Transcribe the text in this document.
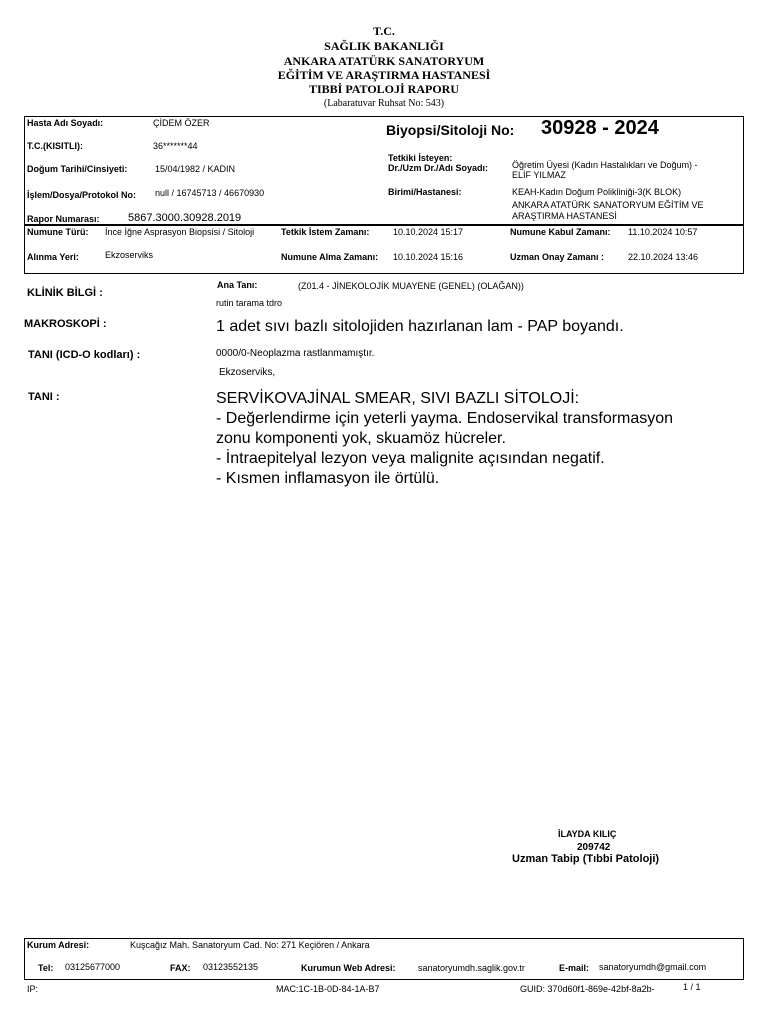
T.C.
SAĞLIK BAKANLIĞI
ANKARA ATATÜRK SANATORYUM
EĞİTİM VE ARAŞTIRMA HASTANESİ
TIBBİ PATOLOJİ RAPORU
(Labaratuvar Ruhsat No: 543)
Hasta Adı Soyadı:	ÇİDEM ÖZER
T.C.(KISITLI):	36*******44
Doğum Tarihi/Cinsiyeti:	15/04/1982 / KADIN
İşlem/Dosya/Protokol No: null / 16745713 / 46670930
Rapor Numarası:	5867.3000.30928.2019
Biyopsi/Sitoloji No: 30928 - 2024
Tetkiki İsteyen:
Dr./Uzm Dr./Adı Soyadı:	Öğretim Üyesi (Kadın Hastalıkları ve Doğum) -
ELİF YILMAZ
Birimi/Hastanesi:	KEAH-Kadın Doğum Polikliniği-3(K BLOK)
ANKARA ATATÜRK SANATORYUM EĞİTİM VE
ARAŞTIRMA HASTANESİ
Numune Türü: İnce İğne Asprasyon Biopsisi / Sitoloji	Tetkik İstem Zamanı:	10.10.2024 15:17	Numune Kabul Zamanı: 11.10.2024 10:57
Alınma Yeri:	Ekzoserviks	Numune Alma Zamanı: 10.10.2024 15:16	Uzman Onay Zamanı :	22.10.2024 13:46
KLİNİK BİLGİ :
Ana Tanı:	(Z01.4 - JİNEKOLOJİK MUAYENE (GENEL) (OLAĞAN))
rutin tarama tdro
MAKROSKOPİ :	1 adet sıvı bazlı sitolojiden hazırlanan lam - PAP boyandı.
TANI (ICD-O kodları) :	0000/0-Neoplazma rastlanmamıştır.
Ekzoserviks,
TANI :	SERVİKOVAJİNAL SMEAR, SIVI BAZLI SİTOLOJİ:
- Değerlendirme için yeterli yayma. Endoservikal transformasyon
zonu komponenti yok, skuamöz hücreler.
- İntraepitelyal lezyon veya malignite açısından negatif.
- Kısmen inflamasyon ile örtülü.
İLAYDA KILIÇ
209742
Uzman Tabip (Tıbbi Patoloji)
Kurum Adresi:	Kuşcağız Mah. Sanatoryum Cad. No: 271 Keçiören / Ankara
Tel: 03125677000	FAX: 03123552135	Kurumun Web Adresi: sanatoryumdh.saglik.gov.tr	E-mail: sanatoryumdh@gmail.com
IP:	MAC:1C-1B-0D-84-1A-B7	GUID: 370d60f1-869e-42bf-8a2b-	1 / 1
